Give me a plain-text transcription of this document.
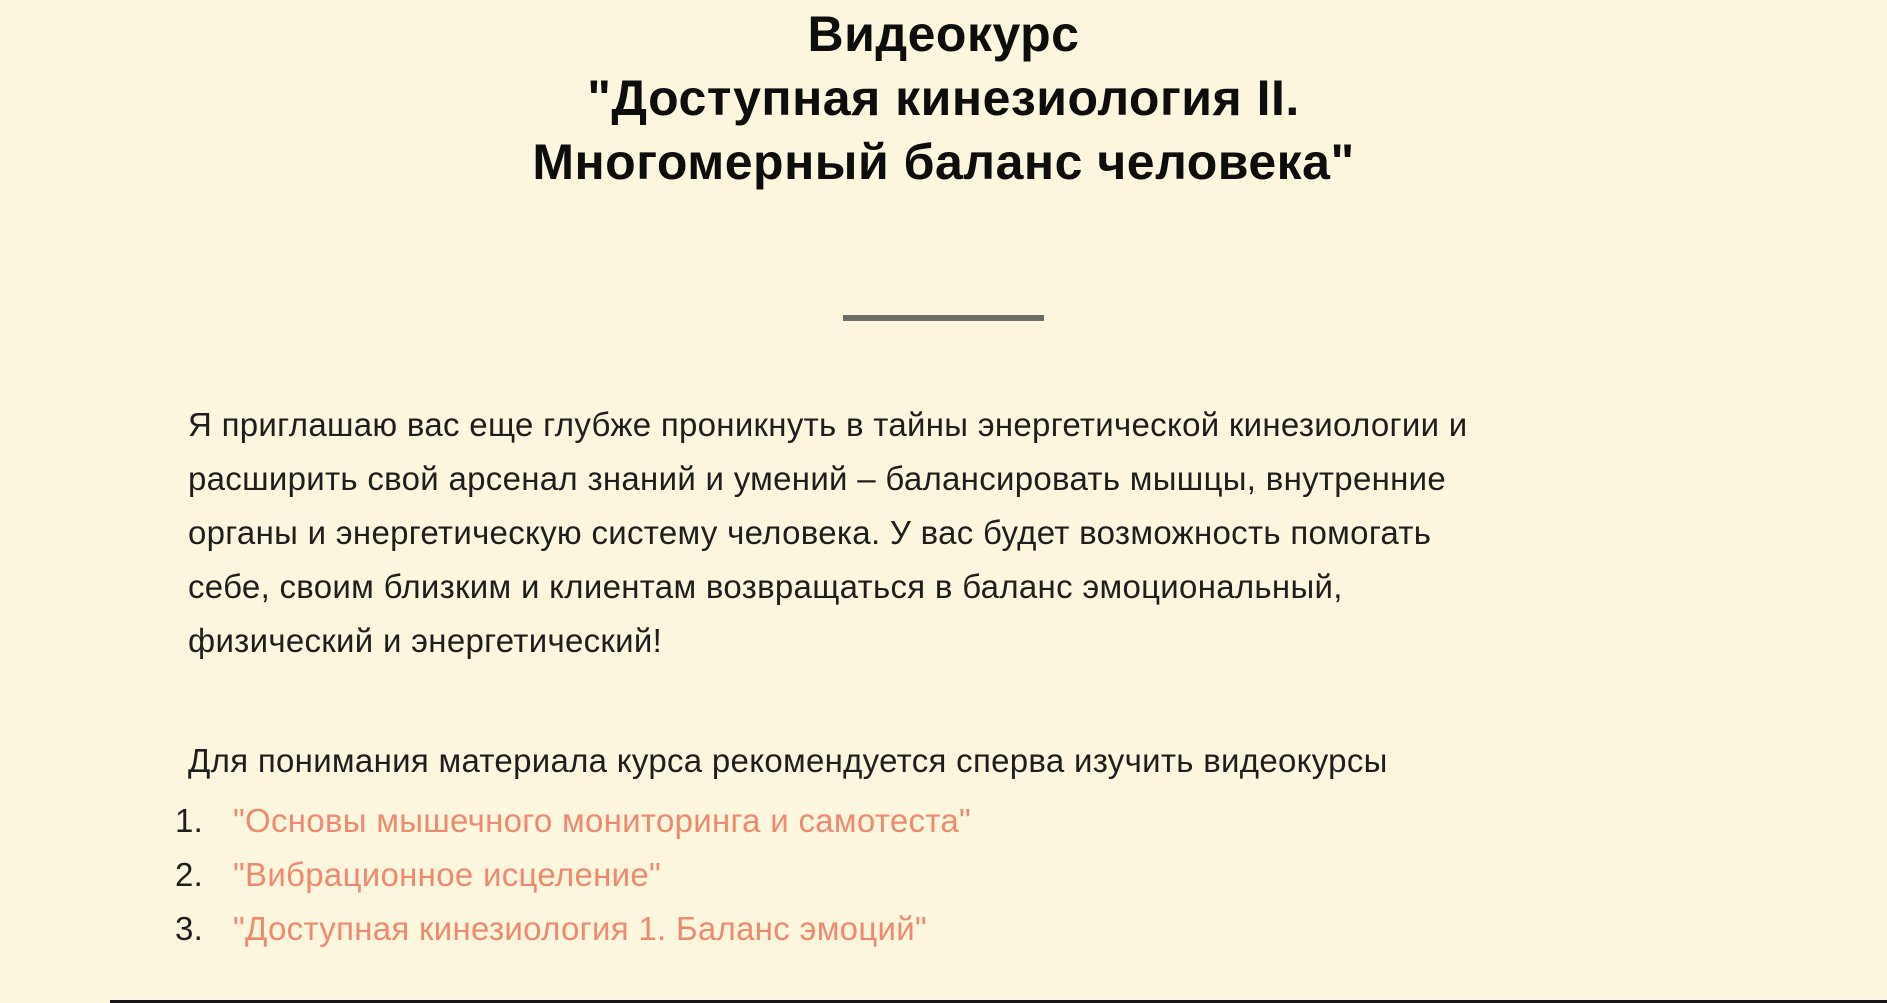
Видеокурс
"Доступная кинезиология II.
Многомерный баланс человека"

Я приглашаю вас еще глубже проникнуть в тайны энергетической кинезиологии и расширить свой арсенал знаний и умений – балансировать мышцы, внутренние органы и энергетическую систему человека. У вас будет возможность помогать себе, своим близким и клиентам возвращаться в баланс эмоциональный, физический и энергетический!

Для понимания материала курса рекомендуется сперва изучить видеокурсы

1. "Основы мышечного мониторинга и самотеста"
2. "Вибрационное исцеление"
3. "Доступная кинезиология 1. Баланс эмоций"
